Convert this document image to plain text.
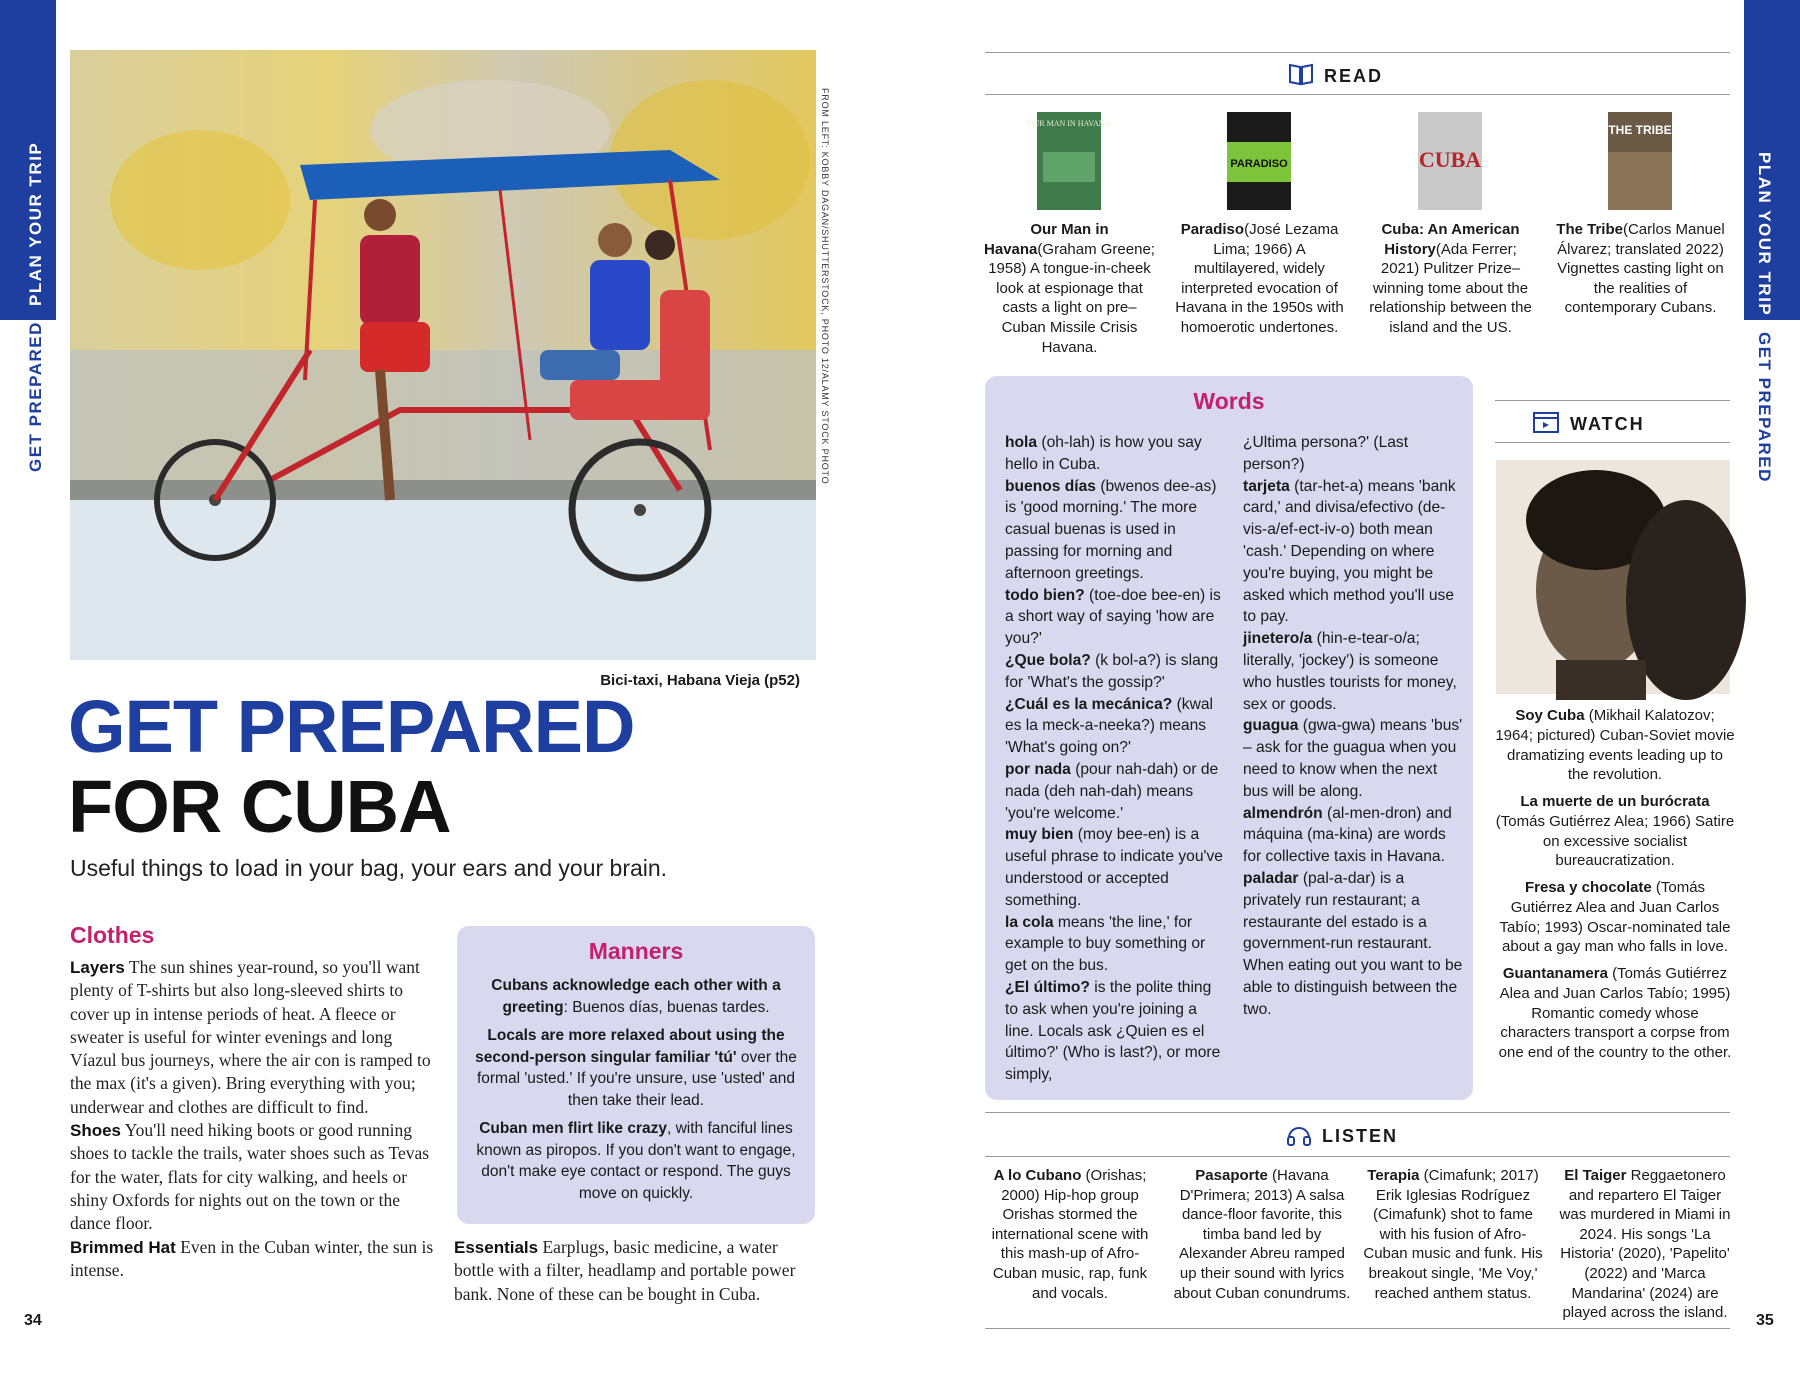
PLAN YOUR TRIP
GET PREPARED
34
FROM LEFT: KOBBY DAGAN/SHUTTERSTOCK, PHOTO 12/ALAMY STOCK PHOTO
Bici-taxi, Habana Vieja (p52)
GET PREPARED
FOR CUBA
Useful things to load in your bag, your ears and your brain.
Clothes
Layers The sun shines year-round, so you'll want plenty of T-shirts but also long-sleeved shirts to cover up in intense periods of heat. A fleece or sweater is useful for winter evenings and long Víazul bus journeys, where the air con is ramped to the max (it's a given). Bring everything with you; underwear and clothes are difficult to find.
Shoes You'll need hiking boots or good running shoes to tackle the trails, water shoes such as Tevas for the water, flats for city walking, and heels or shiny Oxfords for nights out on the town or the dance floor.
Brimmed Hat Even in the Cuban winter, the sun is intense.
Manners

Cubans acknowledge each other with a greeting: Buenos días, buenas tardes.

Locals are more relaxed about using the second-person singular familiar 'tú' over the formal 'usted.' If you're unsure, use 'usted' and then take their lead.

Cuban men flirt like crazy, with fanciful lines known as piropos. If you don't want to engage, don't make eye contact or respond. The guys move on quickly.

Essentials Earplugs, basic medicine, a water bottle with a filter, headlamp and portable power bank. None of these can be bought in Cuba.
PLAN YOUR TRIP
GET PREPARED
35
READ
OUR MAN IN HAVANA
PARADISO	CUBA
THE TRIBE
Our Man in Havana(Graham Greene; 1958) A tongue-in-cheek look at espionage that casts a light on pre–Cuban Missile Crisis Havana.
Paradiso(José Lezama Lima; 1966) A multilayered, widely interpreted evocation of Havana in the 1950s with homoerotic undertones.
Cuba: An American History(Ada Ferrer; 2021) Pulitzer Prize–winning tome about the relationship between the island and the US.
The Tribe(Carlos Manuel Álvarez; translated 2022) Vignettes casting light on the realities of contemporary Cubans.
Words
hola (oh-lah) is how you say hello in Cuba.
buenos días (bwenos dee-as) is 'good morning.' The more casual buenas is used in passing for morning and afternoon greetings.
todo bien? (toe-doe bee-en) is a short way of saying 'how are you?'
¿Que bola? (k bol-a?) is slang for 'What's the gossip?'
¿Cuál es la mecánica? (kwal es la meck-a-neeka?) means 'What's going on?'
por nada (pour nah-dah) or de nada (deh nah-dah) means 'you're welcome.'
muy bien (moy bee-en) is a useful phrase to indicate you've understood or accepted something.
la cola means 'the line,' for example to buy something or get on the bus.
¿El último? is the polite thing to ask when you're joining a line. Locals ask ¿Quien es el último?' (Who is last?), or more simply,
¿Ultima persona?' (Last person?)
tarjeta (tar-het-a) means 'bank card,' and divisa/efectivo (de-vis-a/ef-ect-iv-o) both mean 'cash.' Depending on where you're buying, you might be asked which method you'll use to pay.
jinetero/a (hin-e-tear-o/a; literally, 'jockey') is someone who hustles tourists for money, sex or goods.
guagua (gwa-gwa) means 'bus' – ask for the guagua when you need to know when the next bus will be along.
almendrón (al-men-dron) and máquina (ma-kina) are words for collective taxis in Havana.
paladar (pal-a-dar) is a privately run restaurant; a restaurante del estado is a government-run restaurant. When eating out you want to be able to distinguish between the two.
WATCH
Soy Cuba (Mikhail Kalatozov; 1964; pictured) Cuban-Soviet movie dramatizing events leading up to the revolution.
La muerte de un burócrata (Tomás Gutiérrez Alea; 1966) Satire on excessive socialist bureaucratization.
Fresa y chocolate (Tomás Gutiérrez Alea and Juan Carlos Tabío; 1993) Oscar-nominated tale about a gay man who falls in love.
Guantanamera (Tomás Gutiérrez Alea and Juan Carlos Tabío; 1995) Romantic comedy whose characters transport a corpse from one end of the country to the other.
LISTEN
A lo Cubano (Orishas; 2000) Hip-hop group Orishas stormed the international scene with this mash-up of Afro-Cuban music, rap, funk and vocals.
Pasaporte (Havana D'Primera; 2013) A salsa dance-floor favorite, this timba band led by Alexander Abreu ramped up their sound with lyrics about Cuban conundrums.
Terapia (Cimafunk; 2017) Erik Iglesias Rodríguez (Cimafunk) shot to fame with his fusion of Afro-Cuban music and funk. His breakout single, 'Me Voy,' reached anthem status.
El Taiger Reggaetonero and repartero El Taiger was murdered in Miami in 2024. His songs 'La Historia' (2020), 'Papelito' (2022) and 'Marca Mandarina' (2024) are played across the island.
